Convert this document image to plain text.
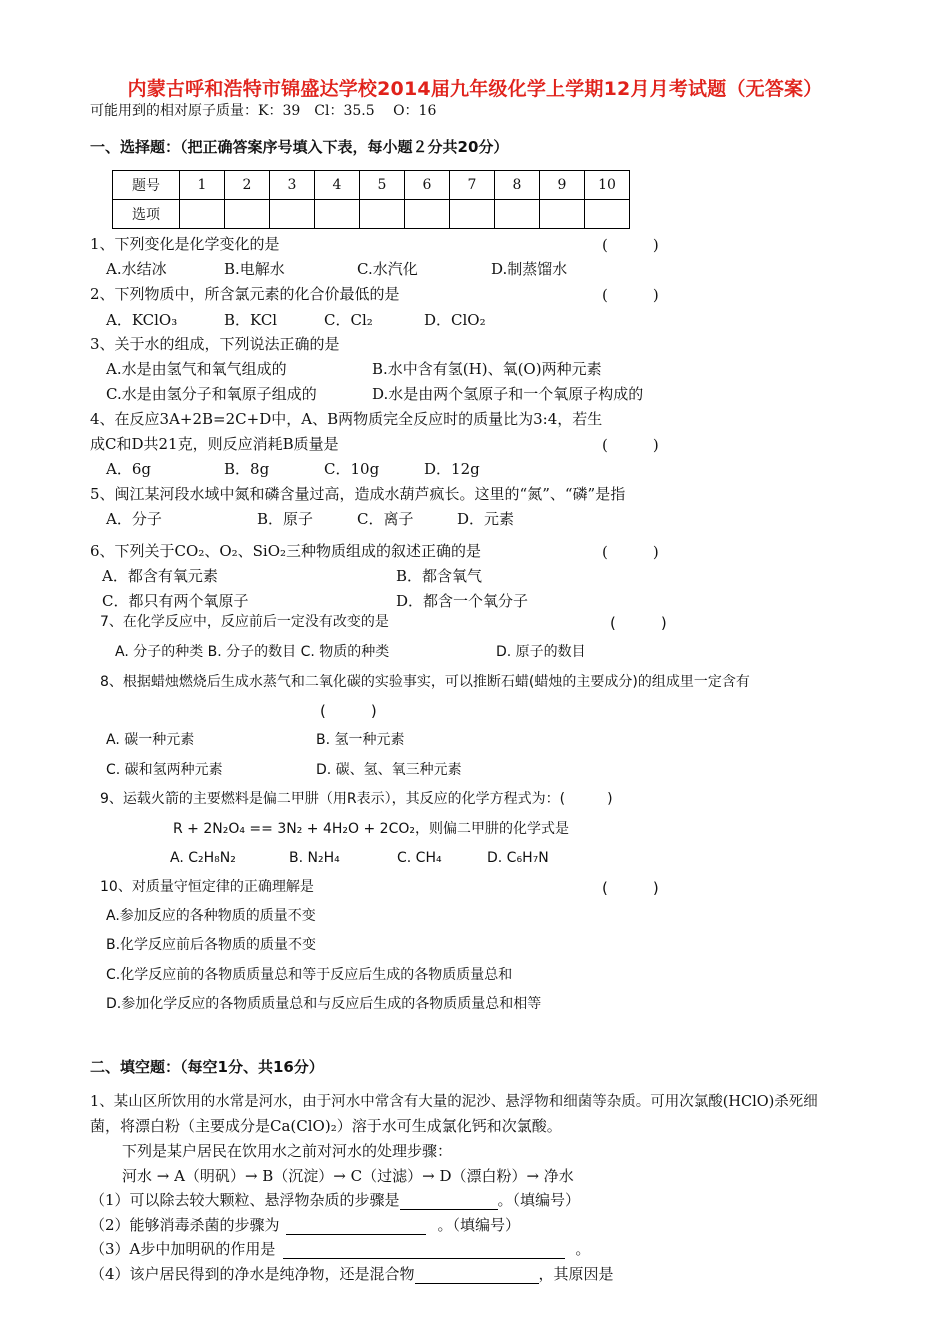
内蒙古呼和浩特市锦盛达学校2014届九年级化学上学期12月月考试题（无答案）
可能用到的相对原子质量：K：39　Cl：35.5　 O：16
一、选择题：（把正确答案序号填入下表，每小题２分共20分）
题号	1	2	3	4	5	6	7	8	9	10
选项										
1、下列变化是化学变化的是	(　　　)
A.水结冰	B.电解水	C.水汽化	D.制蒸馏水
2、下列物质中，所含氯元素的化合价最低的是	(　　　)
A．KClO₃	B．KCl	C．Cl₂	D．ClO₂
3、关于水的组成，下列说法正确的是
A.水是由氢气和氧气组成的	B.水中含有氢(H)、氧(O)两种元素
C.水是由氢分子和氧原子组成的	D.水是由两个氢原子和一个氧原子构成的
4、在反应3A+2B=2C+D中，A、B两物质完全反应时的质量比为3:4，若生
成C和D共21克，则反应消耗B质量是	(　　　)
A．6g	B．8g	C．10g	D．12g
5、闽江某河段水域中氮和磷含量过高，造成水葫芦疯长。这里的“氮”、“磷”是指
A．分子	B．原子	C．离子	D．元素
6、下列关于CO₂、O₂、SiO₂三种物质组成的叙述正确的是	(　　　)
A．都含有氧元素	B．都含氧气
C．都只有两个氧原子	D．都含一个氧分子
7、在化学反应中，反应前后一定没有改变的是	(　　　)
A. 分子的种类 B. 分子的数目 C. 物质的种类	D. 原子的数目
8、根据蜡烛燃烧后生成水蒸气和二氧化碳的实验事实，可以推断石蜡(蜡烛的主要成分)的组成里一定含有
(　　　)
A. 碳一种元素	B. 氢一种元素
C. 碳和氢两种元素	D. 碳、氢、氧三种元素
9、运载火箭的主要燃料是偏二甲肼（用R表示），其反应的化学方程式为：(　　　)
R + 2N₂O₄ == 3N₂ + 4H₂O + 2CO₂，则偏二甲肼的化学式是
A. C₂H₈N₂	B. N₂H₄	C. CH₄	D. C₆H₇N
10、对质量守恒定律的正确理解是	(　　　)
A.参加反应的各种物质的质量不变
B.化学反应前后各物质的质量不变
C.化学反应前的各物质质量总和等于反应后生成的各物质质量总和
D.参加化学反应的各物质质量总和与反应后生成的各物质质量总和相等
二、填空题：（每空1分、共16分）
1、某山区所饮用的水常是河水，由于河水中常含有大量的泥沙、悬浮物和细菌等杂质。可用次氯酸(HClO)杀死细
菌，将漂白粉（主要成分是Ca(ClO)₂）溶于水可生成氯化钙和次氯酸。
下列是某户居民在饮用水之前对河水的处理步骤：
河水 → A（明矾）→ B（沉淀）→ C（过滤）→ D（漂白粉）→ 净水
（1）可以除去较大颗粒、悬浮物杂质的步骤是	。（填编号）
（2）能够消毒杀菌的步骤为	。（填编号）
（3）A步中加明矾的作用是	。
（4）该户居民得到的净水是纯净物，还是混合物	，其原因是
